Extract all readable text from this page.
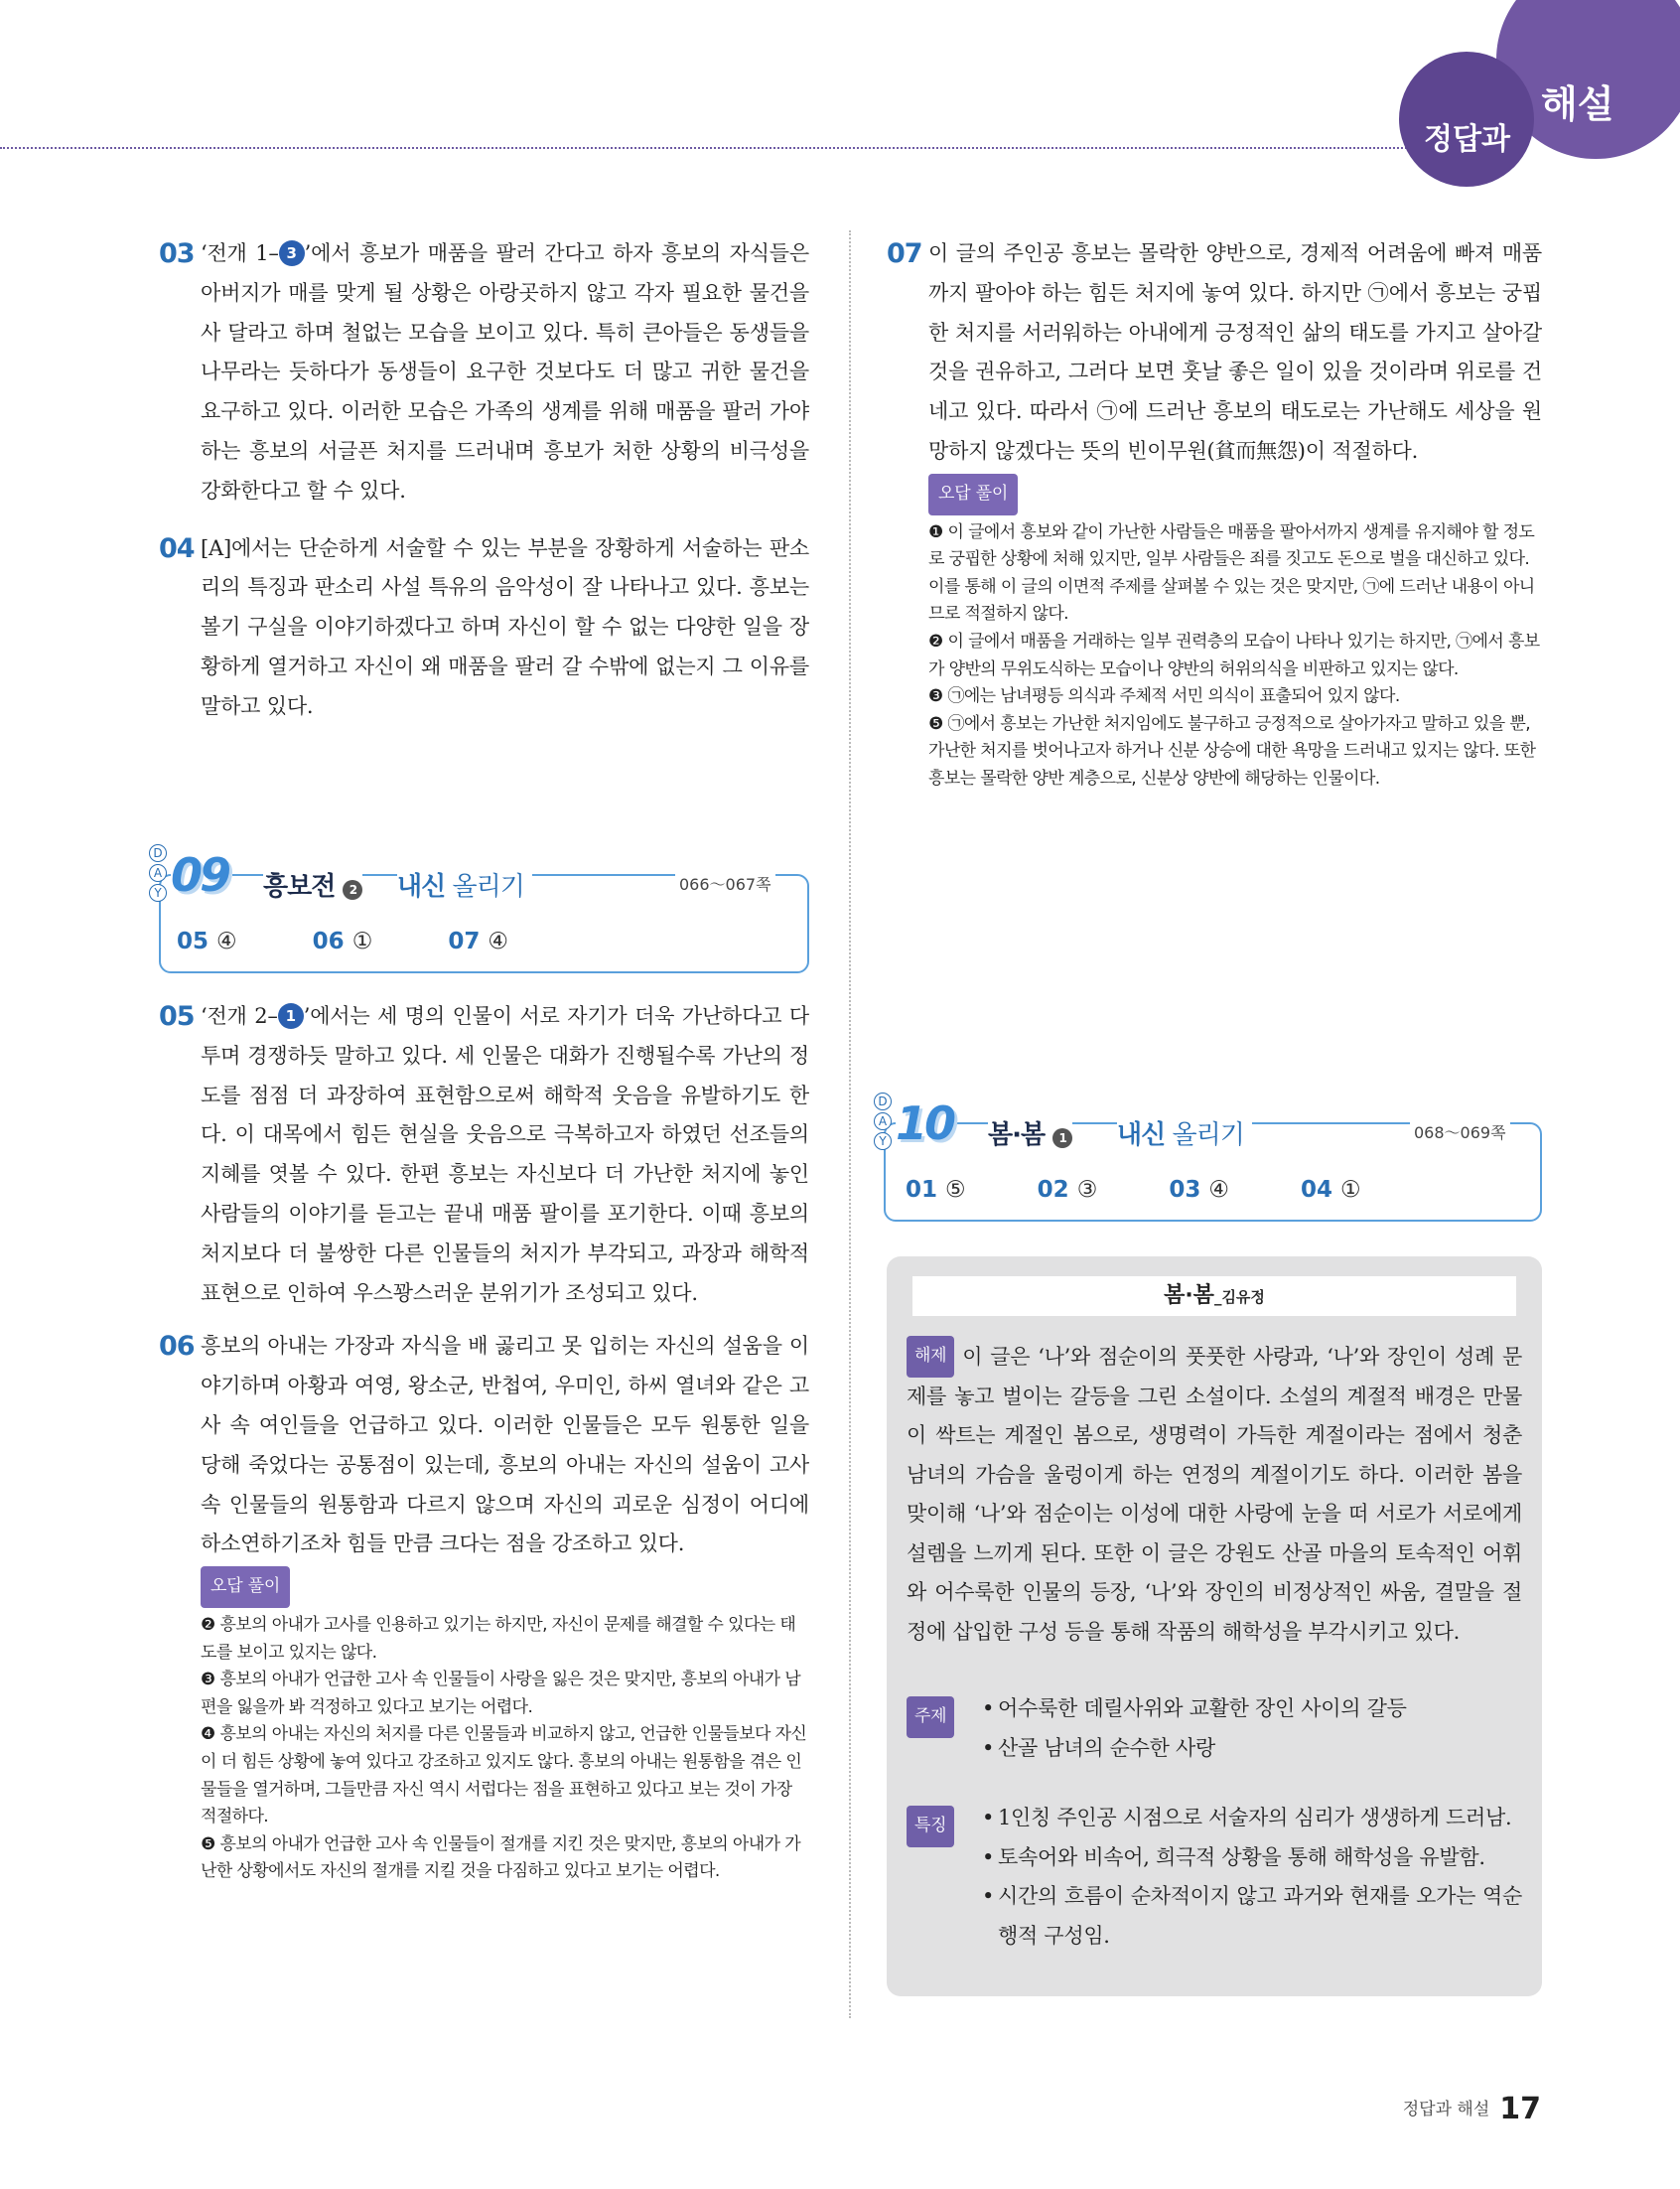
정답과
해설
03 ‘전개 1– 3 ’에서 흥보가 매품을 팔러 간다고 하자 흥보의 자식들은 아버지가 매를 맞게 될 상황은 아랑곳하지 않고 각자 필요한 물건을 사 달라고 하며 철없는 모습을 보이고 있다. 특히 큰아들은 동생들을 나무라는 듯하다가 동생들이 요구한 것보다도 더 많고 귀한 물건을 요구하고 있다. 이러한 모습은 가족의 생계를 위해 매품을 팔러 가야 하는 흥보의 서글픈 처지를 드러내며 흥보가 처한 상황의 비극성을 강화한다고 할 수 있다.

04 [A]에서는 단순하게 서술할 수 있는 부분을 장황하게 서술하는 판소리의 특징과 판소리 사설 특유의 음악성이 잘 나타나고 있다. 흥보는 볼기 구실을 이야기하겠다고 하며 자신이 할 수 없는 다양한 일을 장황하게 열거하고 자신이 왜 매품을 팔러 갈 수밖에 없는지 그 이유를 말하고 있다.

D
A
Y 09 흥보전 2 내신 올리기	066～067쪽
05 ④	06 ①	07 ④
05 ‘전개 2– 1 ’에서는 세 명의 인물이 서로 자기가 더욱 가난하다고 다투며 경쟁하듯 말하고 있다. 세 인물은 대화가 진행될수록 가난의 정도를 점점 더 과장하여 표현함으로써 해학적 웃음을 유발하기도 한다. 이 대목에서 힘든 현실을 웃음으로 극복하고자 하였던 선조들의 지혜를 엿볼 수 있다. 한편 흥보는 자신보다 더 가난한 처지에 놓인 사람들의 이야기를 듣고는 끝내 매품 팔이를 포기한다. 이때 흥보의 처지보다 더 불쌍한 다른 인물들의 처지가 부각되고, 과장과 해학적 표현으로 인하여 우스꽝스러운 분위기가 조성되고 있다.

06 흥보의 아내는 가장과 자식을 배 곯리고 못 입히는 자신의 설움을 이야기하며 아황과 여영, 왕소군, 반첩여, 우미인, 하씨 열녀와 같은 고사 속 여인들을 언급하고 있다. 이러한 인물들은 모두 원통한 일을 당해 죽었다는 공통점이 있는데, 흥보의 아내는 자신의 설움이 고사 속 인물들의 원통함과 다르지 않으며 자신의 괴로운 심정이 어디에 하소연하기조차 힘들 만큼 크다는 점을 강조하고 있다.

오답 풀이
❷ 흥보의 아내가 고사를 인용하고 있기는 하지만, 자신이 문제를 해결할 수 있다는 태도를 보이고 있지는 않다.
❸ 흥보의 아내가 언급한 고사 속 인물들이 사랑을 잃은 것은 맞지만, 흥보의 아내가 남편을 잃을까 봐 걱정하고 있다고 보기는 어렵다.
❹ 흥보의 아내는 자신의 처지를 다른 인물들과 비교하지 않고, 언급한 인물들보다 자신이 더 힘든 상황에 놓여 있다고 강조하고 있지도 않다. 흥보의 아내는 원통함을 겪은 인물들을 열거하며, 그들만큼 자신 역시 서럽다는 점을 표현하고 있다고 보는 것이 가장 적절하다.
❺ 흥보의 아내가 언급한 고사 속 인물들이 절개를 지킨 것은 맞지만, 흥보의 아내가 가난한 상황에서도 자신의 절개를 지킬 것을 다짐하고 있다고 보기는 어렵다.
07 이 글의 주인공 흥보는 몰락한 양반으로, 경제적 어려움에 빠져 매품까지 팔아야 하는 힘든 처지에 놓여 있다. 하지만 ㉠에서 흥보는 궁핍한 처지를 서러워하는 아내에게 긍정적인 삶의 태도를 가지고 살아갈 것을 권유하고, 그러다 보면 훗날 좋은 일이 있을 것이라며 위로를 건네고 있다. 따라서 ㉠에 드러난 흥보의 태도로는 가난해도 세상을 원망하지 않겠다는 뜻의 빈이무원(貧而無怨)이 적절하다.

오답 풀이
❶ 이 글에서 흥보와 같이 가난한 사람들은 매품을 팔아서까지 생계를 유지해야 할 정도로 궁핍한 상황에 처해 있지만, 일부 사람들은 죄를 짓고도 돈으로 벌을 대신하고 있다. 이를 통해 이 글의 이면적 주제를 살펴볼 수 있는 것은 맞지만, ㉠에 드러난 내용이 아니므로 적절하지 않다.
❷ 이 글에서 매품을 거래하는 일부 권력층의 모습이 나타나 있기는 하지만, ㉠에서 흥보가 양반의 무위도식하는 모습이나 양반의 허위의식을 비판하고 있지는 않다.
❸ ㉠에는 남녀평등 의식과 주체적 서민 의식이 표출되어 있지 않다.
❺ ㉠에서 흥보는 가난한 처지임에도 불구하고 긍정적으로 살아가자고 말하고 있을 뿐, 가난한 처지를 벗어나고자 하거나 신분 상승에 대한 욕망을 드러내고 있지는 않다. 또한 흥보는 몰락한 양반 계층으로, 신분상 양반에 해당하는 인물이다.
D
A
Y 10 봄·봄 1 내신 올리기	068～069쪽
01 ⑤	02 ③	03 ④	04 ①
봄·봄_김유정
해제 이 글은 ‘나’와 점순이의 풋풋한 사랑과, ‘나’와 장인이 성례 문제를 놓고 벌이는 갈등을 그린 소설이다. 소설의 계절적 배경은 만물이 싹트는 계절인 봄으로, 생명력이 가득한 계절이라는 점에서 청춘 남녀의 가슴을 울렁이게 하는 연정의 계절이기도 하다. 이러한 봄을 맞이해 ‘나’와 점순이는 이성에 대한 사랑에 눈을 떠 서로가 서로에게 설렘을 느끼게 된다. 또한 이 글은 강원도 산골 마을의 토속적인 어휘와 어수룩한 인물의 등장, ‘나’와 장인의 비정상적인 싸움, 결말을 절정에 삽입한 구성 등을 통해 작품의 해학성을 부각시키고 있다.
주제	• 어수룩한 데릴사위와 교활한 장인 사이의 갈등
• 산골 남녀의 순수한 사랑
특징	• 1인칭 주인공 시점으로 서술자의 심리가 생생하게 드러남.
• 토속어와 비속어, 희극적 상황을 통해 해학성을 유발함.
• 시간의 흐름이 순차적이지 않고 과거와 현재를 오가는 역순행적 구성임.
정답과 해설 17
